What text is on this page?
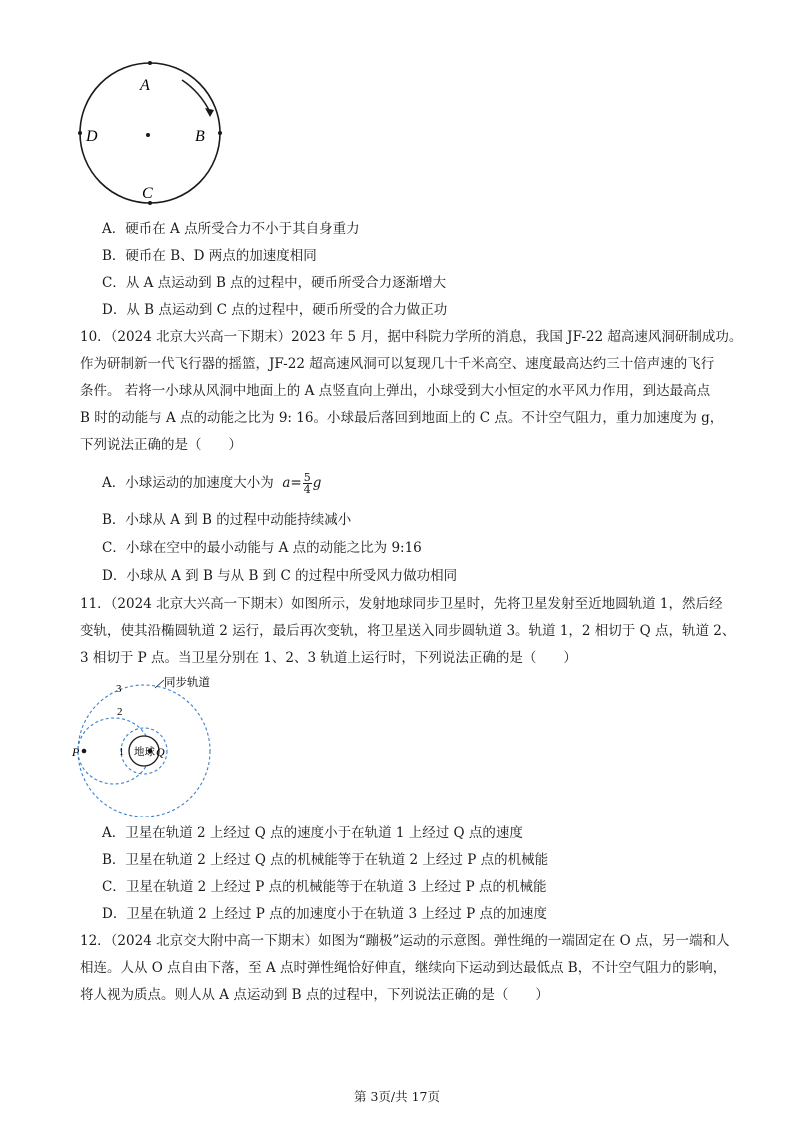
A
B
C
D
A．硬币在 A 点所受合力不小于其自身重力
B．硬币在 B、D 两点的加速度相同
C．从 A 点运动到 B 点的过程中，硬币所受合力逐渐增大
D．从 B 点运动到 C 点的过程中，硬币所受的合力做正功
10．（2024 北京大兴高一下期末）2023 年 5 月，据中科院力学所的消息，我国 JF-22 超高速风洞研制成功。
作为研制新一代飞行器的摇篮，JF-22 超高速风洞可以复现几十千米高空、速度最高达约三十倍声速的飞行
条件。 若将一小球从风洞中地面上的 A 点竖直向上弹出，小球受到大小恒定的水平风力作用，到达最高点
B 时的动能与 A 点的动能之比为 9: 16。小球最后落回到地面上的 C 点。不计空气阻力，重力加速度为 g，
下列说法正确的是（　　）
A．小球运动的加速度大小为 $a= \frac{5}{4}$ g
B．小球从 A 到 B 的过程中动能持续减小
C．小球在空中的最小动能与 A 点的动能之比为 9:16
D．小球从 A 到 B 与从 B 到 C 的过程中所受风力做功相同
11．（2024 北京大兴高一下期末）如图所示，发射地球同步卫星时，先将卫星发射至近地圆轨道 1，然后经
变轨，使其沿椭圆轨道 2 运行，最后再次变轨，将卫星送入同步圆轨道 3。轨道 1，2 相切于 Q 点，轨道 2、
3 相切于 P 点。当卫星分别在 1、2、3 轨道上运行时，下列说法正确的是（　　）
同步轨道
3
2
1 地球
P	Q
A．卫星在轨道 2 上经过 Q 点的速度小于在轨道 1 上经过 Q 点的速度
B．卫星在轨道 2 上经过 Q 点的机械能等于在轨道 2 上经过 P 点的机械能
C．卫星在轨道 2 上经过 P 点的机械能等于在轨道 3 上经过 P 点的机械能
D．卫星在轨道 2 上经过 P 点的加速度小于在轨道 3 上经过 P 点的加速度
12．（2024 北京交大附中高一下期末）如图为“蹦极”运动的示意图。弹性绳的一端固定在 O 点，另一端和人
相连。人从 O 点自由下落，至 A 点时弹性绳恰好伸直，继续向下运动到达最低点 B，不计空气阻力的影响，
将人视为质点。则人从 A 点运动到 B 点的过程中，下列说法正确的是（　　）
第 3页/共 17页
